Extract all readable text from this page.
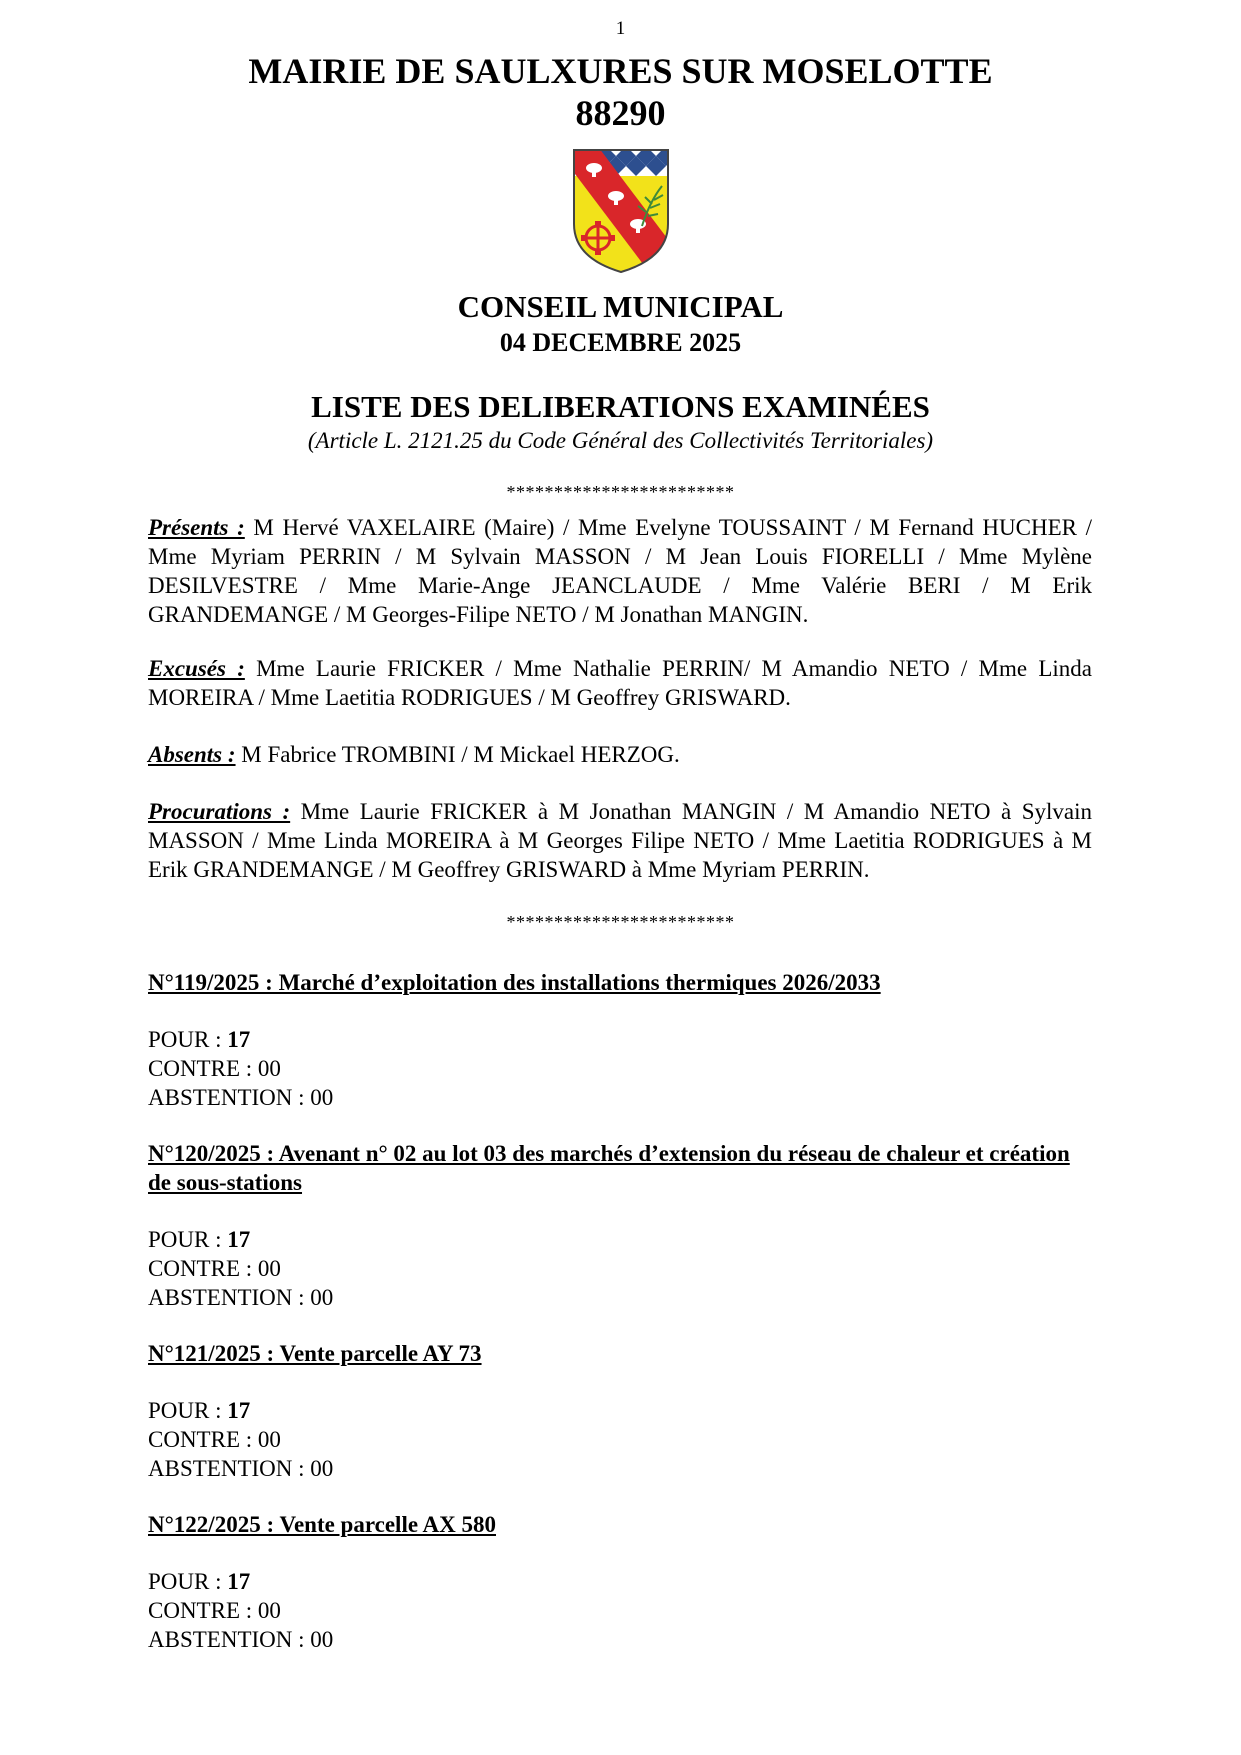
1
MAIRIE DE SAULXURES SUR MOSELOTTE
88290
CONSEIL MUNICIPAL
04 DECEMBRE 2025
LISTE DES DELIBERATIONS EXAMINÉES
(Article L. 2121.25 du Code Général des Collectivités Territoriales)
************************
Présents : M Hervé VAXELAIRE (Maire) / Mme Evelyne TOUSSAINT / M Fernand HUCHER / Mme Myriam PERRIN / M Sylvain MASSON / M Jean Louis FIORELLI / Mme Mylène DESILVESTRE / Mme Marie-Ange JEANCLAUDE / Mme Valérie BERI / M Erik GRANDEMANGE / M Georges-Filipe NETO / M Jonathan MANGIN.
Excusés : Mme Laurie FRICKER / Mme Nathalie PERRIN/ M Amandio NETO / Mme Linda MOREIRA / Mme Laetitia RODRIGUES / M Geoffrey GRISWARD.
Absents : M Fabrice TROMBINI / M Mickael HERZOG.
Procurations : Mme Laurie FRICKER à M Jonathan MANGIN / M Amandio NETO à Sylvain MASSON / Mme Linda MOREIRA à M Georges Filipe NETO / Mme Laetitia RODRIGUES à M Erik GRANDEMANGE / M Geoffrey GRISWARD à Mme Myriam PERRIN.
************************
N°119/2025 : Marché d’exploitation des installations thermiques 2026/2033
POUR : 17
CONTRE : 00
ABSTENTION : 00
N°120/2025 : Avenant n° 02 au lot 03 des marchés d’extension du réseau de chaleur et création de sous-stations
POUR : 17
CONTRE : 00
ABSTENTION : 00
N°121/2025 : Vente parcelle AY 73
POUR : 17
CONTRE : 00
ABSTENTION : 00
N°122/2025 : Vente parcelle AX 580
POUR : 17
CONTRE : 00
ABSTENTION : 00
